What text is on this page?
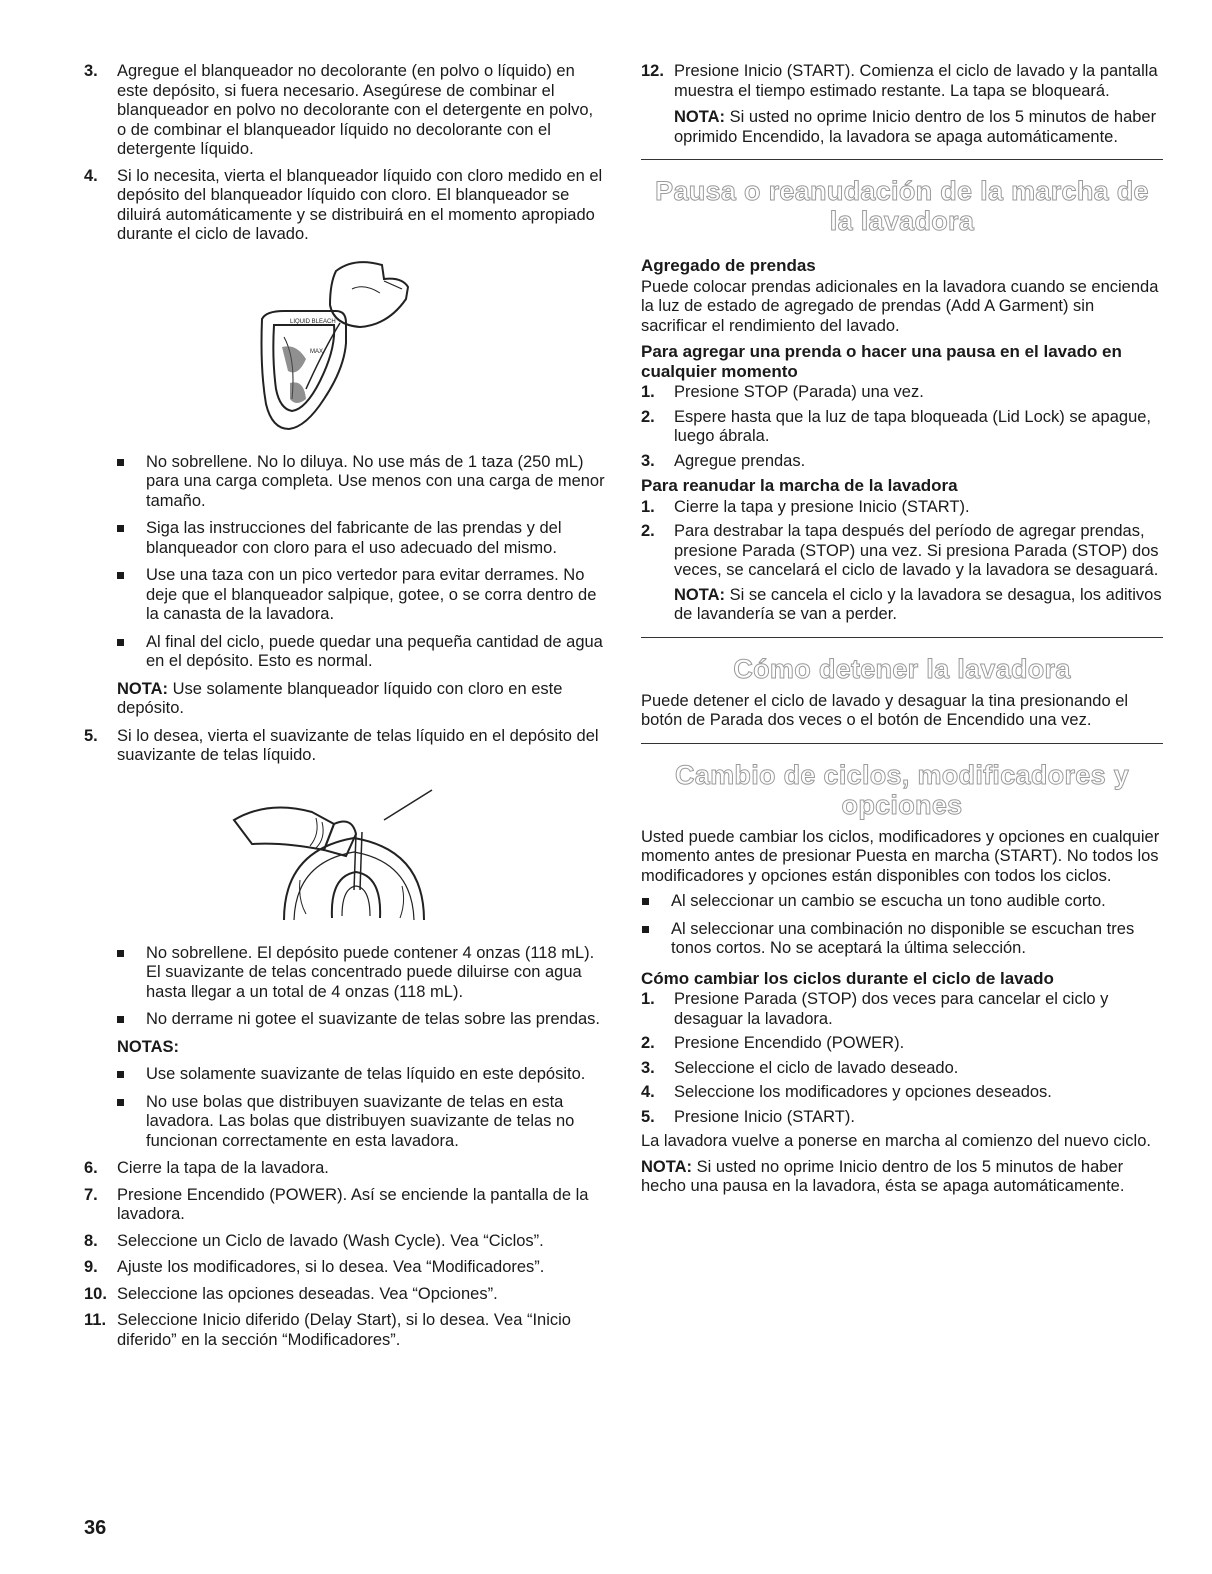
3. Agregue el blanqueador no decolorante (en polvo o líquido) en este depósito, si fuera necesario. Asegúrese de combinar el blanqueador en polvo no decolorante con el detergente en polvo, o de combinar el blanqueador líquido no decolorante con el detergente líquido.
4. Si lo necesita, vierta el blanqueador líquido con cloro medido en el depósito del blanqueador líquido con cloro. El blanqueador se diluirá automáticamente y se distribuirá en el momento apropiado durante el ciclo de lavado.
LIQUID BLEACH
MAX
No sobrellene. No lo diluya. No use más de 1 taza (250 mL) para una carga completa. Use menos con una carga de menor tamaño.
Siga las instrucciones del fabricante de las prendas y del blanqueador con cloro para el uso adecuado del mismo.
Use una taza con un pico vertedor para evitar derrames. No deje que el blanqueador salpique, gotee, o se corra dentro de la canasta de la lavadora.
Al final del ciclo, puede quedar una pequeña cantidad de agua en el depósito. Esto es normal.
NOTA: Use solamente blanqueador líquido con cloro en este depósito.
5. Si lo desea, vierta el suavizante de telas líquido en el depósito del suavizante de telas líquido.
No sobrellene. El depósito puede contener 4 onzas (118 mL). El suavizante de telas concentrado puede diluirse con agua hasta llegar a un total de 4 onzas (118 mL).
No derrame ni gotee el suavizante de telas sobre las prendas.
NOTAS:
Use solamente suavizante de telas líquido en este depósito.
No use bolas que distribuyen suavizante de telas en esta lavadora. Las bolas que distribuyen suavizante de telas no funcionan correctamente en esta lavadora.
6. Cierre la tapa de la lavadora.
7. Presione Encendido (POWER). Así se enciende la pantalla de la lavadora.
8. Seleccione un Ciclo de lavado (Wash Cycle). Vea “Ciclos”.
9. Ajuste los modificadores, si lo desea. Vea “Modificadores”.
10. Seleccione las opciones deseadas. Vea “Opciones”.
11. Seleccione Inicio diferido (Delay Start), si lo desea. Vea “Inicio diferido” en la sección “Modificadores”.
12. Presione Inicio (START). Comienza el ciclo de lavado y la pantalla muestra el tiempo estimado restante. La tapa se bloqueará.
NOTA: Si usted no oprime Inicio dentro de los 5 minutos de haber oprimido Encendido, la lavadora se apaga automáticamente.
Pausa o reanudación de la marcha de la lavadora
Agregado de prendas
Puede colocar prendas adicionales en la lavadora cuando se encienda la luz de estado de agregado de prendas (Add A Garment) sin sacrificar el rendimiento del lavado.
Para agregar una prenda o hacer una pausa en el lavado en cualquier momento
1. Presione STOP (Parada) una vez.
2. Espere hasta que la luz de tapa bloqueada (Lid Lock) se apague, luego ábrala.
3. Agregue prendas.
Para reanudar la marcha de la lavadora
1. Cierre la tapa y presione Inicio (START).
2. Para destrabar la tapa después del período de agregar prendas, presione Parada (STOP) una vez. Si presiona Parada (STOP) dos veces, se cancelará el ciclo de lavado y la lavadora se desaguará.
NOTA: Si se cancela el ciclo y la lavadora se desagua, los aditivos de lavandería se van a perder.
Cómo detener la lavadora
Puede detener el ciclo de lavado y desaguar la tina presionando el botón de Parada dos veces o el botón de Encendido una vez.
Cambio de ciclos, modificadores y opciones
Usted puede cambiar los ciclos, modificadores y opciones en cualquier momento antes de presionar Puesta en marcha (START). No todos los modificadores y opciones están disponibles con todos los ciclos.
Al seleccionar un cambio se escucha un tono audible corto.
Al seleccionar una combinación no disponible se escuchan tres tonos cortos. No se aceptará la última selección.
Cómo cambiar los ciclos durante el ciclo de lavado
1. Presione Parada (STOP) dos veces para cancelar el ciclo y desaguar la lavadora.
2. Presione Encendido (POWER).
3. Seleccione el ciclo de lavado deseado.
4. Seleccione los modificadores y opciones deseados.
5. Presione Inicio (START).
La lavadora vuelve a ponerse en marcha al comienzo del nuevo ciclo.
NOTA: Si usted no oprime Inicio dentro de los 5 minutos de haber hecho una pausa en la lavadora, ésta se apaga automáticamente.
36
